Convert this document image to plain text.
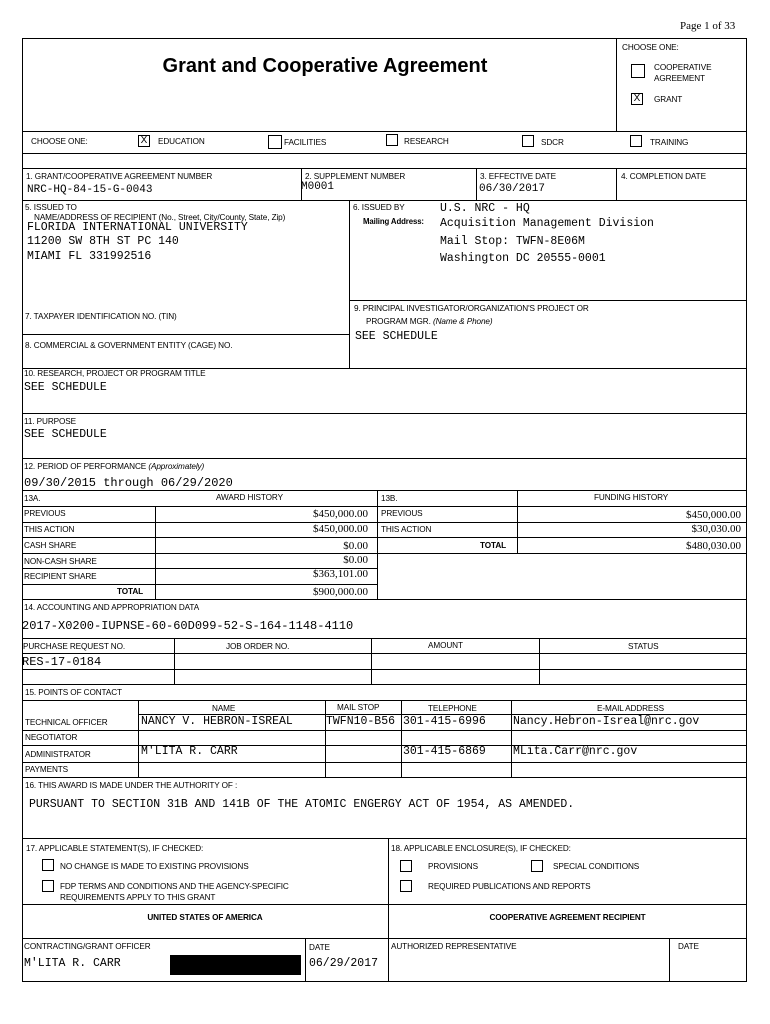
Page 1 of 33
Grant and Cooperative Agreement
CHOOSE ONE:
COOPERATIVE
AGREEMENT
X	GRANT
CHOOSE ONE:	X	EDUCATION	FACILITIES	RESEARCH	SDCR	TRAINING
1. GRANT/COOPERATIVE AGREEMENT NUMBER
NRC-HQ-84-15-G-0043
2. SUPPLEMENT NUMBER
M0001
3. EFFECTIVE DATE
06/30/2017
4. COMPLETION DATE
5. ISSUED TO
NAME/ADDRESS OF RECIPIENT (No., Street, City/County, State, Zip)
FLORIDA INTERNATIONAL UNIVERSITY
11200 SW 8TH ST PC 140
MIAMI FL 331992516
6. ISSUED BY
Mailing Address:
U.S. NRC - HQ
Acquisition Management Division
Mail Stop: TWFN-8E06M
Washington DC 20555-0001
7. TAXPAYER IDENTIFICATION NO. (TIN)
8. COMMERCIAL & GOVERNMENT ENTITY (CAGE) NO.
9. PRINCIPAL INVESTIGATOR/ORGANIZATION'S PROJECT OR
PROGRAM MGR. (Name & Phone)
SEE SCHEDULE
10. RESEARCH, PROJECT OR PROGRAM TITLE
SEE SCHEDULE
11. PURPOSE
SEE SCHEDULE
12. PERIOD OF PERFORMANCE (Approximately)
09/30/2015 through 06/29/2020
13A.	AWARD HISTORY	13B.	FUNDING HISTORY
PREVIOUS	$450,000.00
THIS ACTION	$450,000.00
CASH SHARE	$0.00
NON-CASH SHARE	$0.00
RECIPIENT SHARE	$363,101.00
TOTAL	$900,000.00
PREVIOUS	$450,000.00
THIS ACTION	$30,030.00
TOTAL	$480,030.00
14. ACCOUNTING AND APPROPRIATION DATA
2017-X0200-IUPNSE-60-60D099-52-S-164-1148-4110
PURCHASE REQUEST NO.	JOB ORDER NO.	AMOUNT	STATUS
RES-17-0184
15. POINTS OF CONTACT
NAME	MAIL STOP	TELEPHONE	E-MAIL ADDRESS
TECHNICAL OFFICER	NANCY V. HEBRON-ISREAL	TWFN10-B56 301-415-6996 Nancy.Hebron-Isreal@nrc.gov
NEGOTIATOR
ADMINISTRATOR	M'LITA R. CARR	301-415-6869 MLita.Carr@nrc.gov
PAYMENTS
16. THIS AWARD IS MADE UNDER THE AUTHORITY OF :
PURSUANT TO SECTION 31B AND 141B OF THE ATOMIC ENGERGY ACT OF 1954, AS AMENDED.
17. APPLICABLE STATEMENT(S), IF CHECKED:
NO CHANGE IS MADE TO EXISTING PROVISIONS
FDP TERMS AND CONDITIONS AND THE AGENCY-SPECIFIC
REQUIREMENTS APPLY TO THIS GRANT
18. APPLICABLE ENCLOSURE(S), IF CHECKED:
PROVISIONS	SPECIAL CONDITIONS
REQUIRED PUBLICATIONS AND REPORTS
UNITED STATES OF AMERICA	COOPERATIVE AGREEMENT RECIPIENT
CONTRACTING/GRANT OFFICER
M'LITA R. CARR
DATE
06/29/2017
AUTHORIZED REPRESENTATIVE	DATE
